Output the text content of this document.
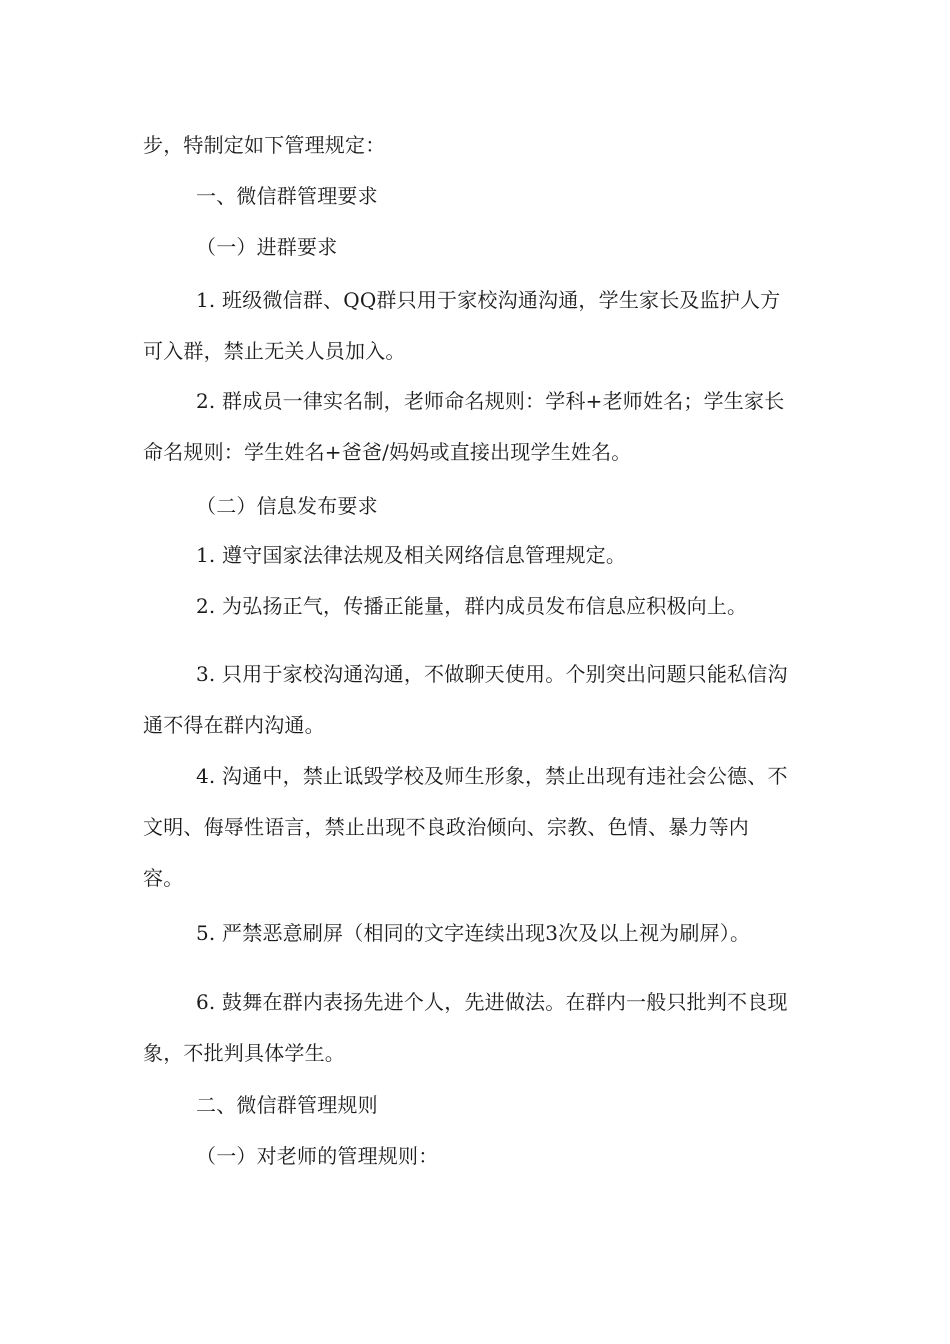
步，特制定如下管理规定：
一、微信群管理要求
（一）进群要求
1. 班级微信群、QQ群只用于家校沟通沟通，学生家长及监护人方
可入群，禁止无关人员加入。
2. 群成员一律实名制，老师命名规则：学科+老师姓名；学生家长
命名规则：学生姓名+爸爸/妈妈或直接出现学生姓名。
（二）信息发布要求
1. 遵守国家法律法规及相关网络信息管理规定。
2. 为弘扬正气，传播正能量，群内成员发布信息应积极向上。
3. 只用于家校沟通沟通，不做聊天使用。个别突出问题只能私信沟
通不得在群内沟通。
4. 沟通中，禁止诋毁学校及师生形象，禁止出现有违社会公德、不
文明、侮辱性语言，禁止出现不良政治倾向、宗教、色情、暴力等内
容。
5. 严禁恶意刷屏（相同的文字连续出现3次及以上视为刷屏）。
6. 鼓舞在群内表扬先进个人，先进做法。在群内一般只批判不良现
象，不批判具体学生。
二、微信群管理规则
（一）对老师的管理规则：
